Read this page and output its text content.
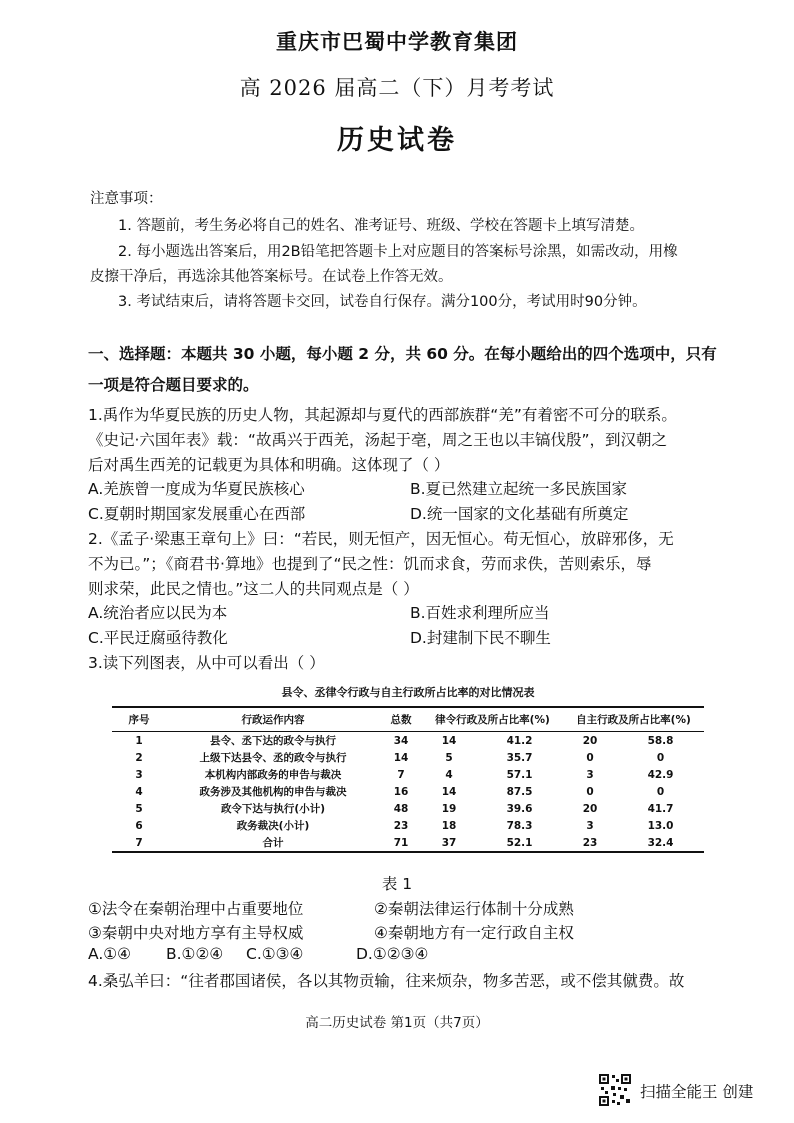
重庆市巴蜀中学教育集团
高 2026 届高二（下）月考考试
历史试卷
注意事项：
1. 答题前，考生务必将自己的姓名、准考证号、班级、学校在答题卡上填写清楚。
2. 每小题选出答案后，用2B铅笔把答题卡上对应题目的答案标号涂黑，如需改动，用橡
皮擦干净后，再选涂其他答案标号。在试卷上作答无效。
3. 考试结束后，请将答题卡交回，试卷自行保存。满分100分，考试用时90分钟。
一、选择题：本题共 30 小题，每小题 2 分，共 60 分。在每小题给出的四个选项中，只有
一项是符合题目要求的。
1.禹作为华夏民族的历史人物，其起源却与夏代的西部族群“羌”有着密不可分的联系。
《史记·六国年表》载：“故禹兴于西羌，汤起于亳，周之王也以丰镐伐殷”，到汉朝之
后对禹生西羌的记载更为具体和明确。这体现了（ ）
A.羌族曾一度成为华夏民族核心	B.夏已然建立起统一多民族国家
C.夏朝时期国家发展重心在西部	D.统一国家的文化基础有所奠定
2.《孟子·梁惠王章句上》曰：“若民，则无恒产，因无恒心。苟无恒心，放辟邪侈，无
不为已。”；《商君书·算地》也提到了“民之性：饥而求食，劳而求佚，苦则索乐，辱
则求荣，此民之情也。”这二人的共同观点是（ ）
A.统治者应以民为本	B.百姓求利理所应当
C.平民迂腐亟待教化	D.封建制下民不聊生
3.读下列图表，从中可以看出（ ）
县令、丞律令行政与自主行政所占比率的对比情况表
序号	行政运作内容	总数	律令行政及所占比率(%)		自主行政及所占比率(%)	
1	县令、丞下达的政令与执行	34	14	41.2	20	58.8
2	上级下达县令、丞的政令与执行	14	5	35.7	0	0
3	本机构内部政务的申告与裁决	7	4	57.1	3	42.9
4	政务涉及其他机构的申告与裁决	16	14	87.5	0	0
5	政令下达与执行(小计)	48	19	39.6	20	41.7
6	政务裁决(小计)	23	18	78.3	3	13.0
7	合计	71	37	52.1	23	32.4
表 1
①法令在秦朝治理中占重要地位	②秦朝法律运行体制十分成熟
③秦朝中央对地方享有主导权威	④秦朝地方有一定行政自主权
A.①④ B.①②④ C.①③④	D.①②③④
4.桑弘羊曰：“往者郡国诸侯，各以其物贡输，往来烦杂，物多苦恶，或不偿其僦费。故
高二历史试卷 第1页（共7页）
扫描全能王 创建
